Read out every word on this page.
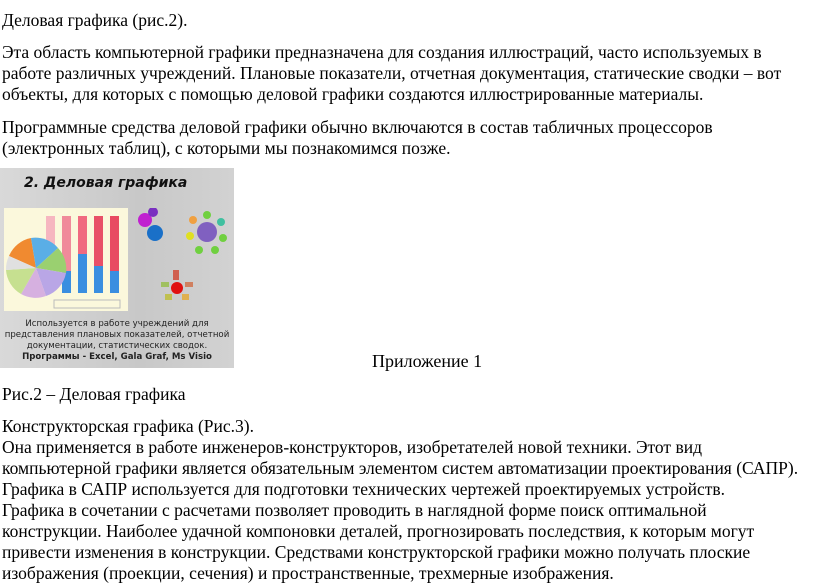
Деловая графика (рис.2).
Эта область компьютерной графики предназначена для создания иллюстраций, часто используемых в
работе различных учреждений. Плановые показатели, отчетная документация, статические сводки – вот
объекты, для которых с помощью деловой графики создаются иллюстрированные материалы.
Программные средства деловой графики обычно включаются в состав табличных процессоров
(электронных таблиц), с которыми мы познакомимся позже.
2. Деловая графика
Используется в работе учреждений для
представления плановых показателей, отчетной
документации, статистических сводок.
Программы - Excel, Gala Graf, Ms Visio	Приложение 1
Рис.2 – Деловая графика
Конструкторская графика (Рис.3).
Она применяется в работе инженеров-конструкторов, изобретателей новой техники. Этот вид
компьютерной графики является обязательным элементом систем автоматизации проектирования (САПР).
Графика в САПР используется для подготовки технических чертежей проектируемых устройств.
Графика в сочетании с расчетами позволяет проводить в наглядной форме поиск оптимальной
конструкции. Наиболее удачной компоновки деталей, прогнозировать последствия, к которым могут
привести изменения в конструкции. Средствами конструкторской графики можно получать плоские
изображения (проекции, сечения) и пространственные, трехмерные изображения.
